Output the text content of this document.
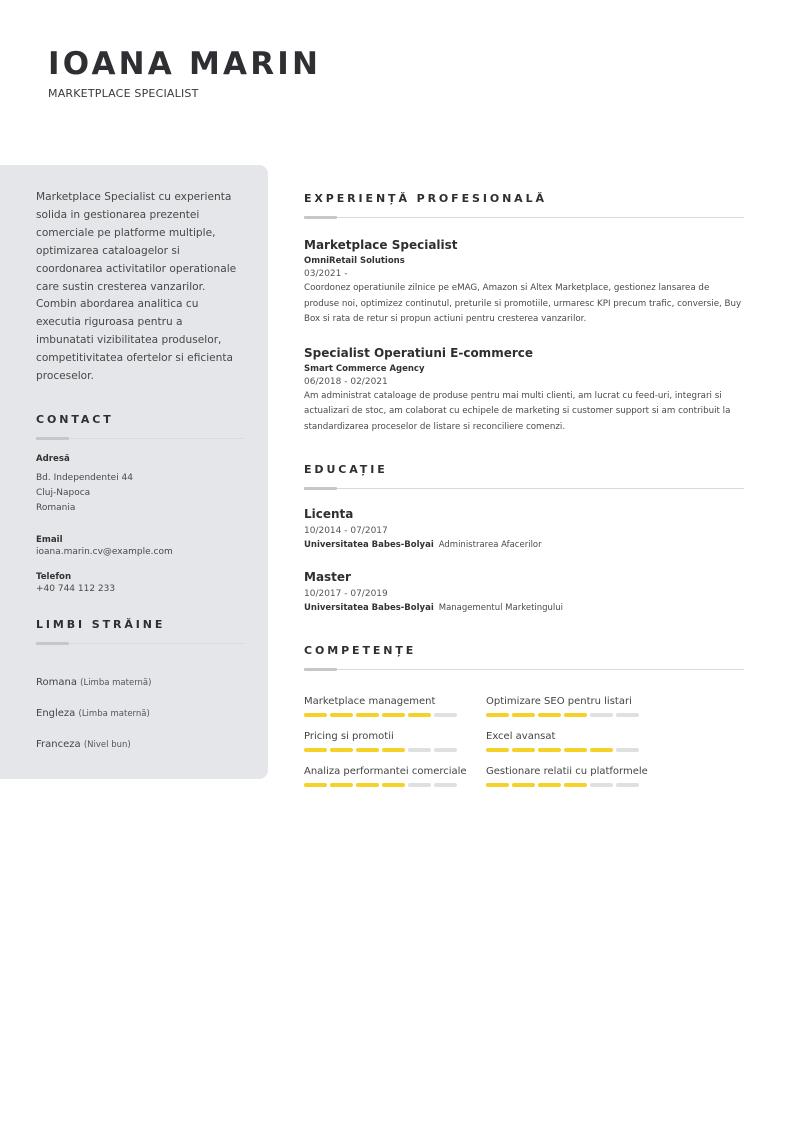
IOANA MARIN
MARKETPLACE SPECIALIST

Marketplace Specialist cu experienta solida in gestionarea prezentei comerciale pe platforme multiple, optimizarea cataloagelor si coordonarea activitatilor operationale care sustin cresterea vanzarilor. Combin abordarea analitica cu executia riguroasa pentru a imbunatati vizibilitatea produselor, competitivitatea ofertelor si eficienta proceselor.

CONTACT
Adresă
Bd. Independentei 44
Cluj-Napoca
Romania
Email
ioana.marin.cv@example.com
Telefon
+40 744 112 233
LIMBI STRĂINE
Romana (Limba maternă)
Engleza (Limba maternă)
Franceza (Nivel bun)
EXPERIENȚĂ PROFESIONALĂ
Marketplace Specialist
OmniRetail Solutions
03/2021 -
Coordonez operatiunile zilnice pe eMAG, Amazon si Altex Marketplace, gestionez lansarea de produse noi, optimizez continutul, preturile si promotiile, urmaresc KPI precum trafic, conversie, Buy Box si rata de retur si propun actiuni pentru cresterea vanzarilor.
Specialist Operatiuni E-commerce
Smart Commerce Agency
06/2018 - 02/2021
Am administrat cataloage de produse pentru mai multi clienti, am lucrat cu feed-uri, integrari si actualizari de stoc, am colaborat cu echipele de marketing si customer support si am contribuit la standardizarea proceselor de listare si reconciliere comenzi.
EDUCAȚIE
Licenta
10/2014 - 07/2017
Universitatea Babes-Bolyai Administrarea Afacerilor
Master
10/2017 - 07/2019
Universitatea Babes-Bolyai Managementul Marketingului
COMPETENȚE
Marketplace management	Optimizare SEO pentru listari
Pricing si promotii	Excel avansat
Analiza performantei comerciale	Gestionare relatii cu platformele
